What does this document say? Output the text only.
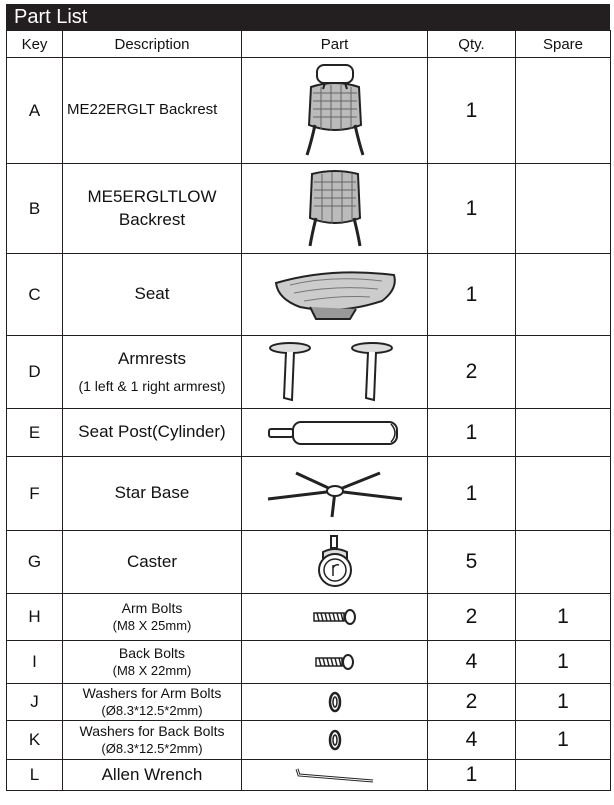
Part List
Key	Description	Part	Qty.	Spare
A	ME22ERGLT Backrest		1	
B	ME5ERGLTLOW
Backrest		1	
C	Seat		1	
D	Armrests
(1 left & 1 right armrest)		2	
E	Seat Post(Cylinder)		1	
F	Star Base		1	
G	Caster		5	
H	Arm Bolts
(M8 X 25mm)		2	1
I	Back Bolts
(M8 X 22mm)		4	1
J	Washers for Arm Bolts
(Ø8.3*12.5*2mm)		2	1
K	Washers for Back Bolts
(Ø8.3*12.5*2mm)		4	1
L	Allen Wrench		1	
